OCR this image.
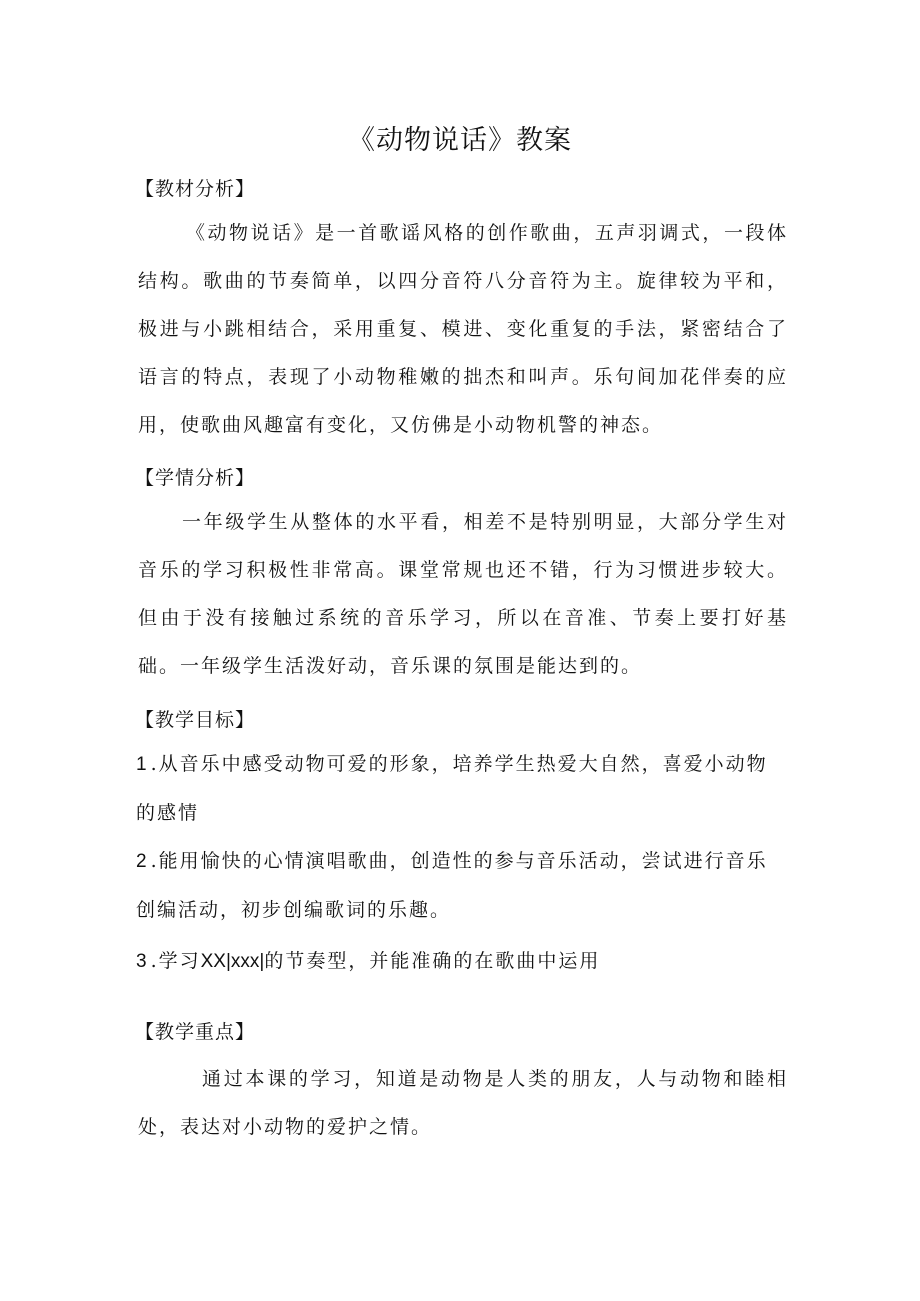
《动物说话》教案
【教材分析】

《动物说话》是一首歌谣风格的创作歌曲，五声羽调式，一段体结构。歌曲的节奏简单，以四分音符八分音符为主。旋律较为平和，极进与小跳相结合，采用重复、模进、变化重复的手法，紧密结合了语言的特点，表现了小动物稚嫩的拙杰和叫声。乐句间加花伴奏的应用，使歌曲风趣富有变化，又仿佛是小动物机警的神态。

【学情分析】

一年级学生从整体的水平看，相差不是特别明显，大部分学生对音乐的学习积极性非常高。课堂常规也还不错，行为习惯进步较大。但由于没有接触过系统的音乐学习，所以在音准、节奏上要打好基础。一年级学生活泼好动，音乐课的氛围是能达到的。

【教学目标】

1 .从音乐中感受动物可爱的形象，培养学生热爱大自然，喜爱小动物的感情

2 .能用愉快的心情演唱歌曲，创造性的参与音乐活动，尝试进行音乐创编活动，初步创编歌词的乐趣。

3 .学习XX|xxx|的节奏型，并能准确的在歌曲中运用

【教学重点】

通过本课的学习，知道是动物是人类的朋友，人与动物和睦相处，表达对小动物的爱护之情。
